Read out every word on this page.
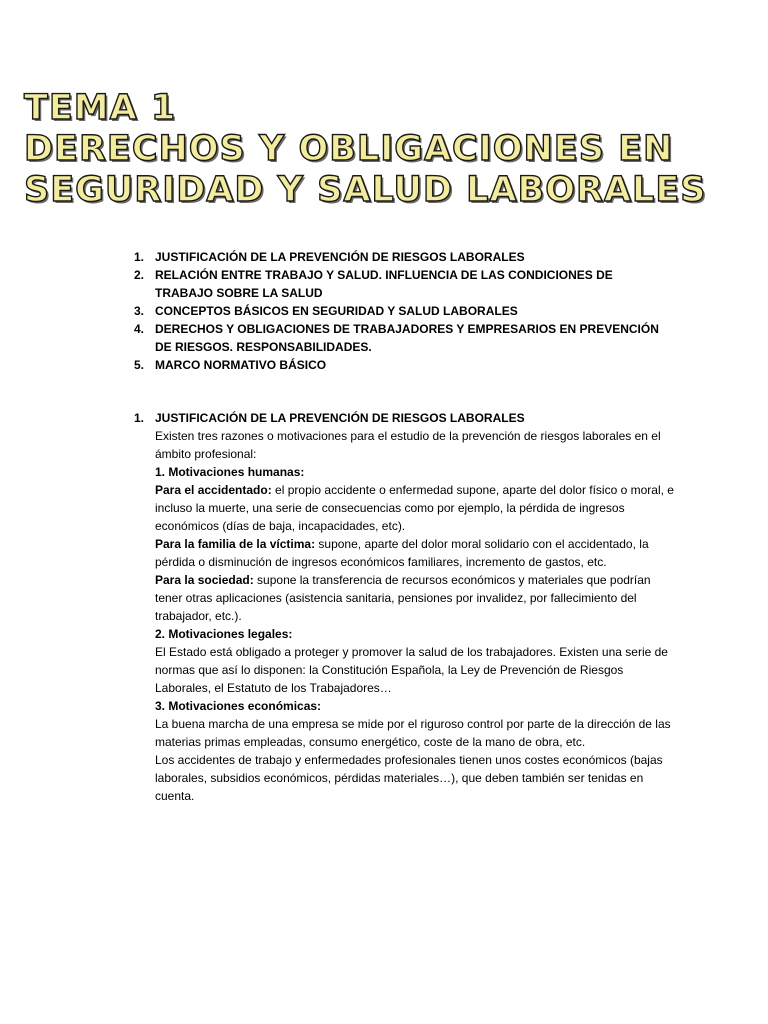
TEMA 1
DERECHOS Y OBLIGACIONES EN
SEGURIDAD Y SALUD LABORALES
1. JUSTIFICACIÓN DE LA PREVENCIÓN DE RIESGOS LABORALES
2. RELACIÓN ENTRE TRABAJO Y SALUD. INFLUENCIA DE LAS CONDICIONES DE TRABAJO SOBRE LA SALUD
3. CONCEPTOS BÁSICOS EN SEGURIDAD Y SALUD LABORALES
4. DERECHOS Y OBLIGACIONES DE TRABAJADORES Y EMPRESARIOS EN PREVENCIÓN DE RIESGOS. RESPONSABILIDADES.
5. MARCO NORMATIVO BÁSICO
1. JUSTIFICACIÓN DE LA PREVENCIÓN DE RIESGOS LABORALES

Existen tres razones o motivaciones para el estudio de la prevención de riesgos laborales en el ámbito profesional:

1. Motivaciones humanas:

Para el accidentado: el propio accidente o enfermedad supone, aparte del dolor físico o moral, e incluso la muerte, una serie de consecuencias como por ejemplo, la pérdida de ingresos económicos (días de baja, incapacidades, etc).

Para la familia de la víctima: supone, aparte del dolor moral solidario con el accidentado, la pérdida o disminución de ingresos económicos familiares, incremento de gastos, etc.

Para la sociedad: supone la transferencia de recursos económicos y materiales que podrían tener otras aplicaciones (asistencia sanitaria, pensiones por invalidez, por fallecimiento del trabajador, etc.).

2. Motivaciones legales:

El Estado está obligado a proteger y promover la salud de los trabajadores. Existen una serie de normas que así lo disponen: la Constitución Española, la Ley de Prevención de Riesgos Laborales, el Estatuto de los Trabajadores…

3. Motivaciones económicas:

La buena marcha de una empresa se mide por el riguroso control por parte de la dirección de las materias primas empleadas, consumo energético, coste de la mano de obra, etc.

Los accidentes de trabajo y enfermedades profesionales tienen unos costes económicos (bajas laborales, subsidios económicos, pérdidas materiales…), que deben también ser tenidas en cuenta.
